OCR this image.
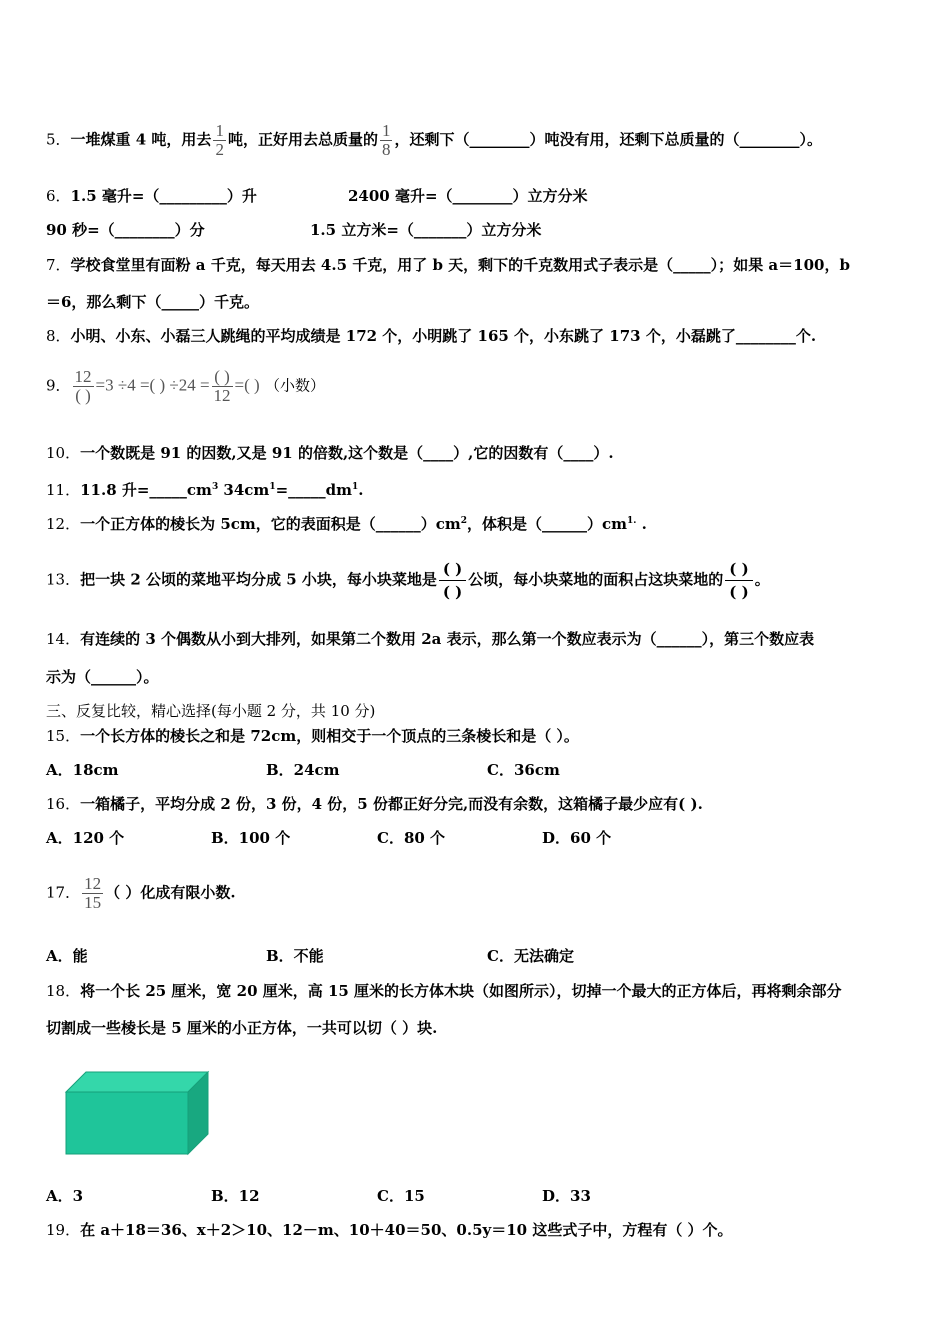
5．一堆煤重 4 吨，用去 $\frac{1}{2}$ 吨，正好用去总质量的 $\frac{1}{8}$ ，还剩下（________）吨没有用，还剩下总质量的（________）。
6．1.5 毫升=（_________）升	2400 毫升=（________）立方分米
90 秒=（________）分	1.5 立方米=（_______）立方分米
7．学校食堂里有面粉 a 千克，每天用去 4.5 千克，用了 b 天，剩下的千克数用式子表示是（_____）；如果 a＝100，b
＝6，那么剩下（_____）千克。
8．小明、小东、小磊三人跳绳的平均成绩是 172 个，小明跳了 165 个，小东跳了 173 个，小磊跳了________个.
9． $\frac{12}{( )} =3 \div 4$ =( ) $\div 24 = \frac{( )}{12}$ =( ) （小数）
10．一个数既是 91 的因数,又是 91 的倍数,这个数是（____）,它的因数有（____）.
11．11.8 升$=\_\_\_\_\_cm^3$ $34cm^1=\_\_\_\_\_dm^1$.
12．一个正方体的棱长为 5cm，它的表面积是$(\_\_\_\_\_\_)cm^2$，体积是$(\_\_\_\_\_\_)cm^{1.}$ .
13．把一块 2 公顷的菜地平均分成 5 小块，每小块菜地是
( )
( )
公顷，每小块菜地的面积占这块菜地的
( )
( )
。
14．有连续的 3 个偶数从小到大排列，如果第二个数用 2a 表示，那么第一个数应表示为（______），第三个数应表
示为（______）。
三、反复比较，精心选择(每小题 2 分，共 10 分)
15．一个长方体的棱长之和是 72cm，则相交于一个顶点的三条棱长和是（ ）。
A．18cm	B．24cm	C．36cm
16．一箱橘子，平均分成 2 份，3 份，4 份，5 份都正好分完,而没有余数，这箱橘子最少应有( ).
A．120 个	B．100 个	C．80 个	D．60 个
17． $\frac{12}{15}$ （ ）化成有限小数.
A．能	B．不能	C．无法确定
18．将一个长 25 厘米，宽 20 厘米，高 15 厘米的长方体木块（如图所示），切掉一个最大的正方体后，再将剩余部分
切割成一些棱长是 5 厘米的小正方体，一共可以切（ ）块.
A．3	B．12	C．15	D．33
19．在 a＋18＝36、x＋2＞10、12－m、10＋40＝50、0.5y＝10 这些式子中，方程有（ ）个。
